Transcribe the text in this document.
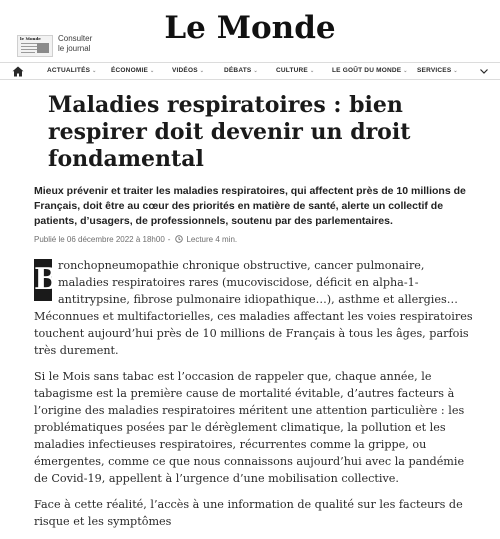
le Monde Consulter
le journal
Le Monde
ACTUALITÉS ⌄ ÉCONOMIE ⌄	VIDÉOS ⌄	DÉBATS ⌄	CULTURE ⌄	LE GOÛT DU MONDE ⌄ SERVICES ⌄
Maladies respiratoires : bien respirer doit devenir un droit fondamental

Mieux prévenir et traiter les maladies respiratoires, qui affectent près de 10 millions de Français, doit être au cœur des priorités en matière de santé, alerte un collectif de patients, d’usagers, de professionnels, soutenu par des parlementaires.

Publié le 06 décembre 2022 à 18h00 - Lecture 4 min.

B
ronchopneumopathie chronique obstructive, cancer pulmonaire, maladies respiratoires rares (mucoviscidose, déficit en alpha-1-antitrypsine, fibrose pulmonaire idiopathique…), asthme et allergies… Méconnues et multifactorielles, ces maladies affectant les voies respiratoires touchent aujourd’hui près de 10 millions de Français à tous les âges, parfois très durement.

Si le Mois sans tabac est l’occasion de rappeler que, chaque année, le tabagisme est la première cause de mortalité évitable, d’autres facteurs à l’origine des maladies respiratoires méritent une attention particulière : les problématiques posées par le dérèglement climatique, la pollution et les maladies infectieuses respiratoires, récurrentes comme la grippe, ou émergentes, comme ce que nous connaissons aujourd’hui avec la pandémie de Covid-19, appellent à l’urgence d’une mobilisation collective.

Face à cette réalité, l’accès à une information de qualité sur les facteurs de risque et les symptômes
